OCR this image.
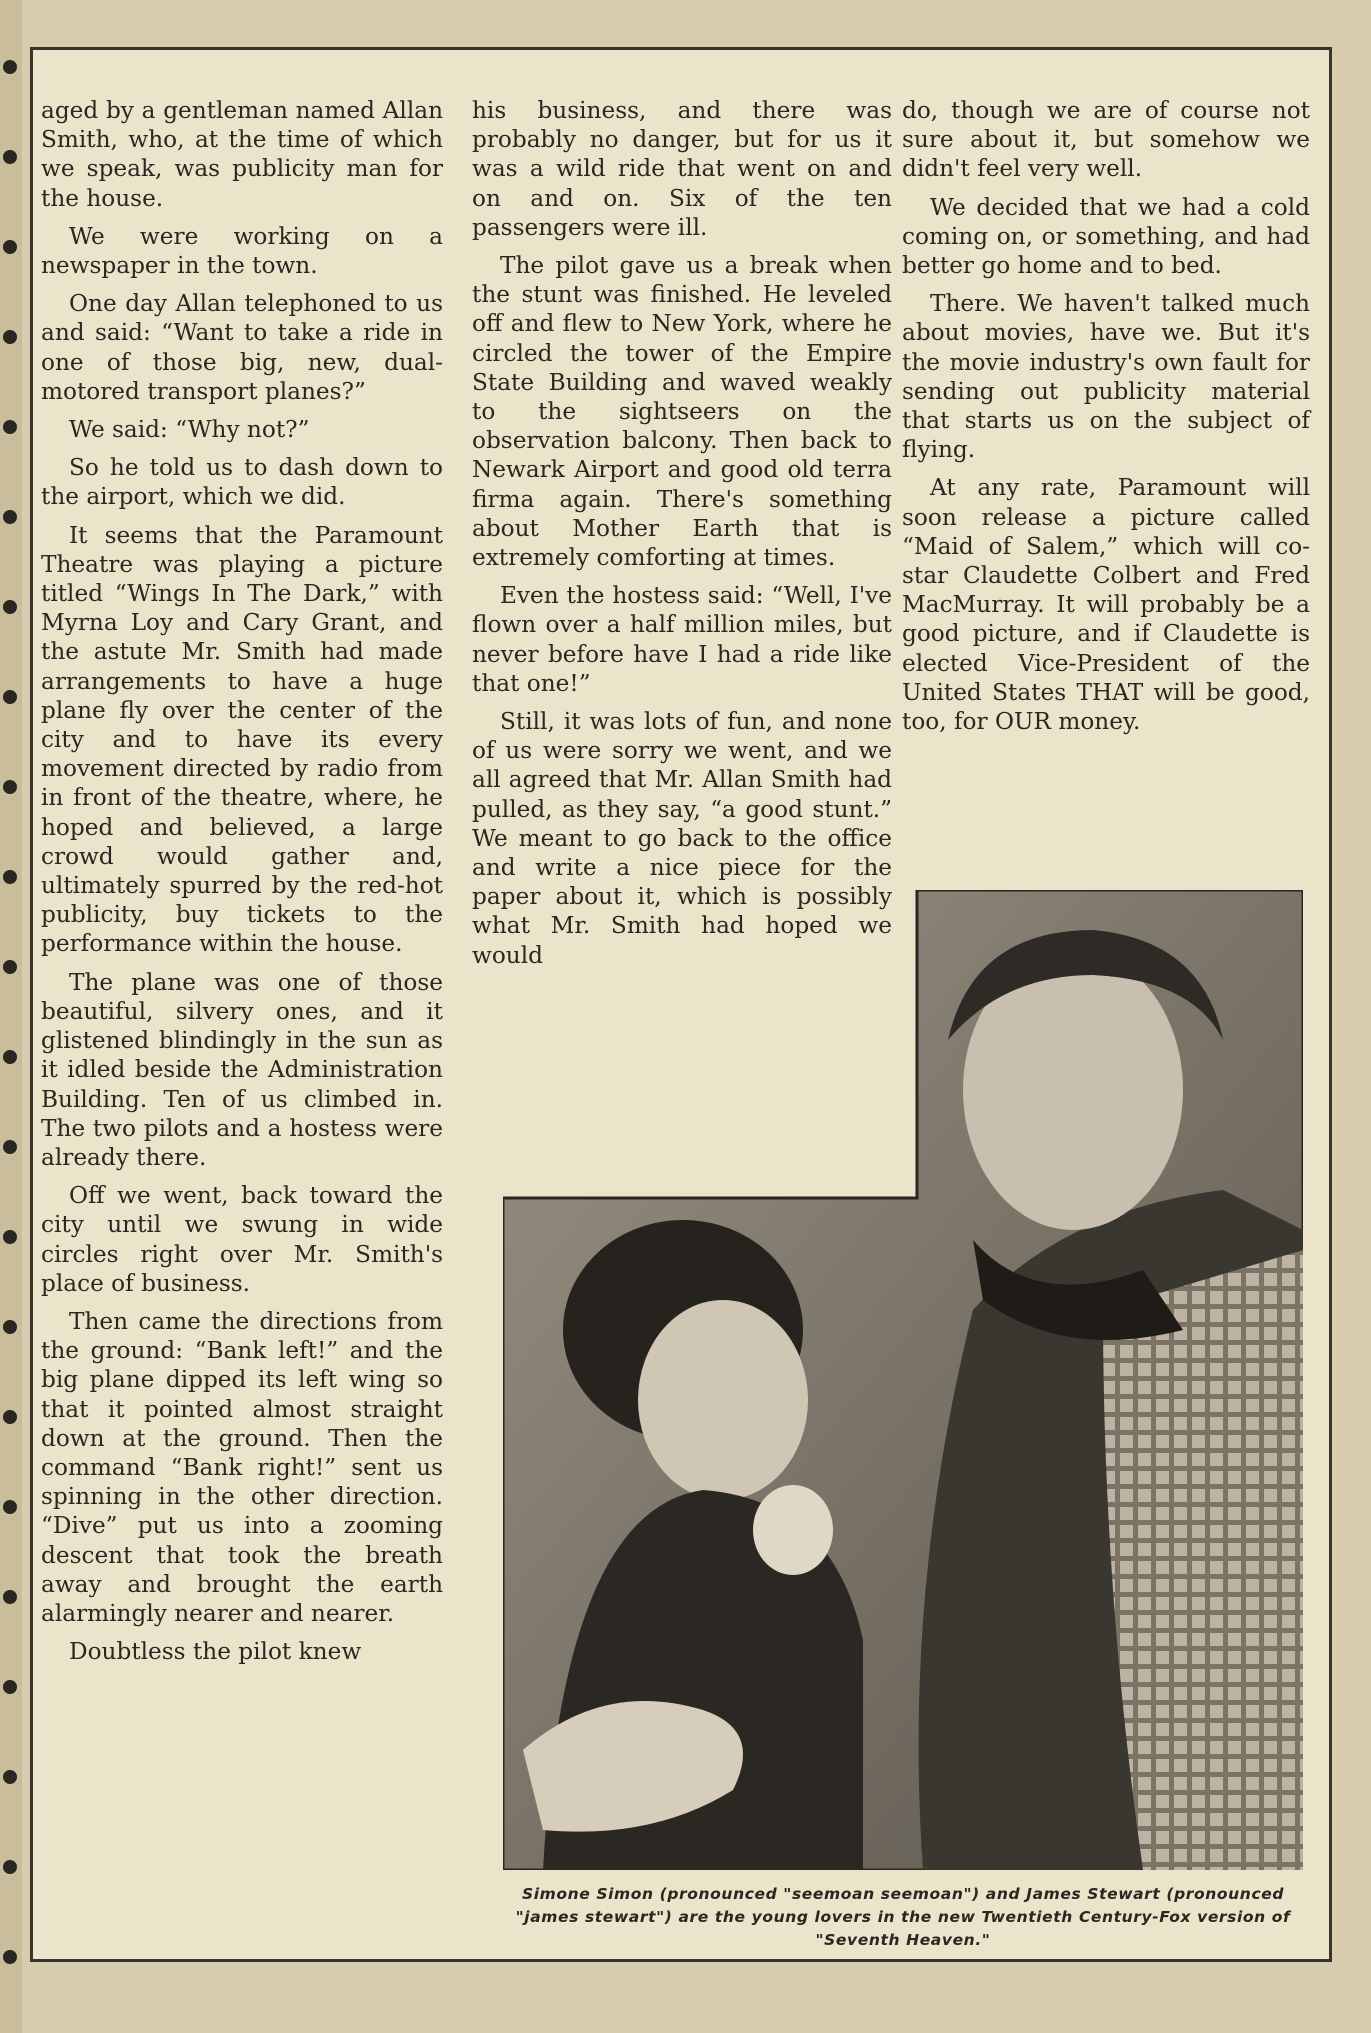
aged by a gentleman named Allan Smith, who, at the time of which we speak, was publicity man for the house.

We were working on a newspaper in the town.

One day Allan telephoned to us and said: “Want to take a ride in one of those big, new, dual-motored transport planes?”

We said: “Why not?”

So he told us to dash down to the airport, which we did.

It seems that the Paramount Theatre was playing a picture titled “Wings In The Dark,” with Myrna Loy and Cary Grant, and the astute Mr. Smith had made arrangements to have a huge plane fly over the center of the city and to have its every movement directed by radio from in front of the theatre, where, he hoped and believed, a large crowd would gather and, ultimately spurred by the red-hot publicity, buy tickets to the performance within the house.

The plane was one of those beautiful, silvery ones, and it glistened blindingly in the sun as it idled beside the Administration Building. Ten of us climbed in. The two pilots and a hostess were already there.

Off we went, back toward the city until we swung in wide circles right over Mr. Smith's place of business.

Then came the directions from the ground: “Bank left!” and the big plane dipped its left wing so that it pointed almost straight down at the ground. Then the command “Bank right!” sent us spinning in the other direction. “Dive” put us into a zooming descent that took the breath away and brought the earth alarmingly nearer and nearer.

Doubtless the pilot knew

his business, and there was probably no danger, but for us it was a wild ride that went on and on and on. Six of the ten passengers were ill.

The pilot gave us a break when the stunt was finished. He leveled off and flew to New York, where he circled the tower of the Empire State Building and waved weakly to the sightseers on the observation balcony. Then back to Newark Airport and good old terra firma again. There's something about Mother Earth that is extremely comforting at times.

Even the hostess said: “Well, I've flown over a half million miles, but never before have I had a ride like that one!”

Still, it was lots of fun, and none of us were sorry we went, and we all agreed that Mr. Allan Smith had pulled, as they say, “a good stunt.” We meant to go back to the office and write a nice piece for the paper about it, which is possibly what Mr. Smith had hoped we would

do, though we are of course not sure about it, but somehow we didn't feel very well.

We decided that we had a cold coming on, or something, and had better go home and to bed.

There. We haven't talked much about movies, have we. But it's the movie industry's own fault for sending out publicity material that starts us on the subject of flying.

At any rate, Paramount will soon release a picture called “Maid of Salem,” which will co-star Claudette Colbert and Fred MacMurray. It will probably be a good picture, and if Claudette is elected Vice-President of the United States THAT will be good, too, for OUR money.

Simone Simon (pronounced "seemoan seemoan") and James Stewart (pronounced "james stewart") are the young lovers in the new Twentieth Century-Fox version of "Seventh Heaven."
